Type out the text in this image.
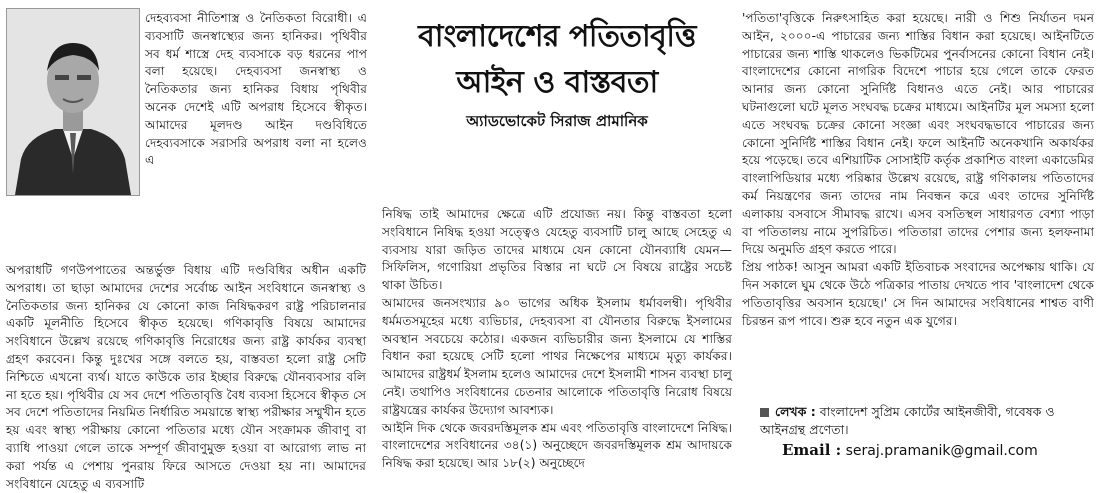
দেহব্যবসা নীতিশাস্ত্র ও নৈতিকতা বিরোধী। এ ব্যবসাটি জনস্বাস্থ্যের জন্য হানিকর। পৃথিবীর সব ধর্ম শাস্ত্রে দেহ ব্যবসাকে বড় ধরনের পাপ বলা হয়েছে। দেহব্যবসা জনস্বাস্থ্য ও নৈতিকতার জন্য হানিকর বিধায় পৃথিবীর অনেক দেশেই এটি অপরাধ হিসেবে স্বীকৃত। আমাদের মূলদণ্ড আইন দণ্ডবিধিতে দেহব্যবসাকে সরাসরি অপরাধ বলা না হলেও এ

অপরাধটি গণউপপাতের অন্তর্ভুক্ত বিধায় এটি দণ্ডবিধির অধীন একটি অপরাধ। তা ছাড়া আমাদের দেশের সর্বোচ্চ আইন সংবিধানে জনস্বাস্থ্য ও নৈতিকতার জন্য হানিকর যে কোনো কাজ নিষিদ্ধকরণ রাষ্ট্র পরিচালনার একটি মূলনীতি হিসেবে স্বীকৃত হয়েছে। গণিকাবৃত্তি বিষয়ে আমাদের সংবিধানে উল্লেখ রয়েছে গণিকাবৃত্তি নিরোধের জন্য রাষ্ট্র কার্যকর ব্যবস্থা গ্রহণ করবেন। কিন্তু দুঃখের সঙ্গে বলতে হয়, বাস্তবতা হলো রাষ্ট্র সেটি নিশ্চিতে এখনো ব্যর্থ। যাতে কাউকে তার ইচ্ছার বিরুদ্ধে যৌনব্যবসার বলি না হতে হয়। পৃথিবীর যে সব দেশে পতিতাবৃত্তি বৈধ ব্যবসা হিসেবে স্বীকৃত সে সব দেশে পতিতাদের নিয়মিত নির্ধারিত সময়ান্তে স্বাস্থ্য পরীক্ষার সম্মুখীন হতে হয় এবং স্বাস্থ্য পরীক্ষায় কোনো পতিতার মধ্যে যৌন সংক্রামক জীবাণু বা ব্যাধি পাওয়া গেলে তাকে সম্পূর্ণ জীবাণুমুক্ত হওয়া বা আরোগ্য লাভ না করা পর্যন্ত এ পেশায় পুনরায় ফিরে আসতে দেওয়া হয় না। আমাদের সংবিধানে যেহেতু এ ব্যবসাটি

বাংলাদেশের পতিতাবৃত্তি
আইন ও বাস্তবতা
অ্যাডভোকেট সিরাজ প্রামানিক

নিষিদ্ধ তাই আমাদের ক্ষেত্রে এটি প্রযোজ্য নয়। কিন্তু বাস্তবতা হলো সংবিধানে নিষিদ্ধ হওয়া সত্ত্বেও যেহেতু ব্যবসাটি চালু আছে সেহেতু এ ব্যবসায় যারা জড়িত তাদের মাধ্যমে যেন কোনো যৌনব্যাধি যেমন—সিফিলিস, গণোরিয়া প্রভৃতির বিস্তার না ঘটে সে বিষয়ে রাষ্ট্রের সচেষ্ট থাকা উচিত।

আমাদের জনসংখ্যার ৯০ ভাগের অধিক ইসলাম ধর্মাবলম্বী। পৃথিবীর ধর্মমতসমূহের মধ্যে ব্যভিচার, দেহব্যবসা বা যৌনতার বিরুদ্ধে ইসলামের অবস্থান সবচেয়ে কঠোর। একজন ব্যভিচারীর জন্য ইসলামে যে শাস্তির বিধান করা হয়েছে সেটি হলো পাথর নিক্ষেপের মাধ্যমে মৃত্যু কার্যকর। আমাদের রাষ্ট্রধর্ম ইসলাম হলেও আমাদের দেশে ইসলামী শাসন ব্যবস্থা চালু নেই। তথাপিও সংবিধানের চেতনার আলোকে পতিতাবৃত্তি নিরোধ বিষয়ে রাষ্ট্রযন্ত্রের কার্যকর উদ্যোগ আবশ্যক।

আইনি দিক থেকে জবরদস্তিমূলক শ্রম এবং পতিতাবৃত্তি বাংলাদেশে নিষিদ্ধ। বাংলাদেশের সংবিধানের ৩৪(১) অনুচ্ছেদে জবরদস্তিমূলক শ্রম আদায়কে নিষিদ্ধ করা হয়েছে। আর ১৮(২) অনুচ্ছেদে

'পতিতা'বৃত্তিকে নিরুৎসাহিত করা হয়েছে। নারী ও শিশু নির্যাতন দমন আইন, ২০০০-এ পাচারের জন্য শাস্তির বিধান করা হয়েছে। আইনটিতে পাচারের জন্য শাস্তি থাকলেও ভিকটিমের পুনর্বাসনের কোনো বিধান নেই। বাংলাদেশের কোনো নাগরিক বিদেশে পাচার হয়ে গেলে তাকে ফেরত আনার জন্য কোনো সুনির্দিষ্ট বিধানও এতে নেই। আর পাচারের ঘটনাগুলো ঘটে মূলত সংঘবদ্ধ চক্রের মাধ্যমে। আইনটির মূল সমস্যা হলো এতে সংঘবদ্ধ চক্রের কোনো সংজ্ঞা এবং সংঘবদ্ধভাবে পাচারের জন্য কোনো সুনির্দিষ্ট শাস্তির বিধান নেই। ফলে আইনটি অনেকখানি অকার্যকর হয়ে পড়েছে। তবে এশিয়াটিক সোসাইটি কর্তৃক প্রকাশিত বাংলা একাডেমির বাংলাপিডিয়ার মধ্যে পরিষ্কার উল্লেখ রয়েছে, রাষ্ট্র গণিকালয় পতিতাদের কর্ম নিয়ন্ত্রণের জন্য তাদের নাম নিবন্ধন করে এবং তাদের সুনির্দিষ্ট এলাকায় বসবাসে সীমাবদ্ধ রাখে। এসব বসতিস্থল সাধারণত বেশ্যা পাড়া বা পতিতালয় নামে সুপরিচিত। পতিতারা তাদের পেশার জন্য হলফনামা দিয়ে অনুমতি গ্রহণ করতে পারে।

প্রিয় পাঠক! আসুন আমরা একটি ইতিবাচক সংবাদের অপেক্ষায় থাকি। যে দিন সকালে ঘুম থেকে উঠে পত্রিকার পাতায় দেখতে পাব 'বাংলাদেশ থেকে পতিতাবৃত্তির অবসান হয়েছে।' সে দিন আমাদের সংবিধানের শাশ্বত বাণী চিরন্তন রূপ পাবে। শুরু হবে নতুন এক যুগের।

লেখক : বাংলাদেশ সুপ্রিম কোর্টের আইনজীবী, গবেষক ও আইনগ্রন্থ প্রণেতা।
Email : seraj.pramanik@gmail.com
